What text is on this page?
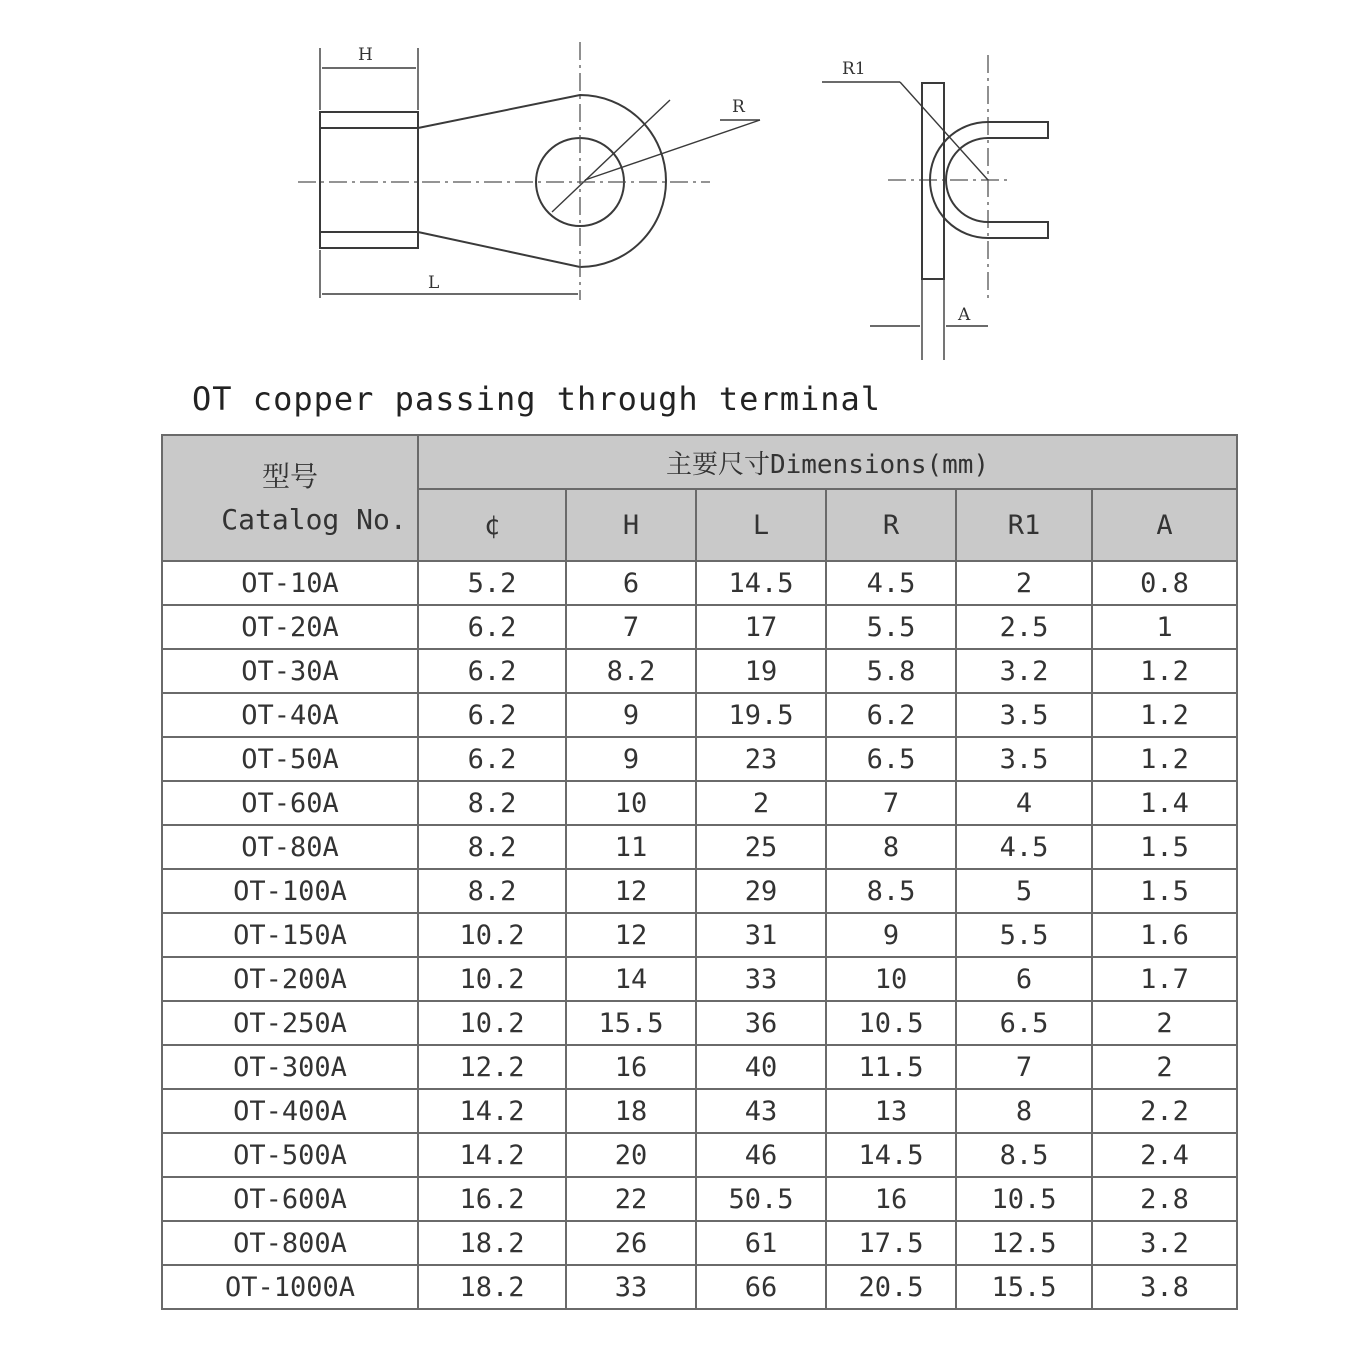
H
L
R
R1
A
OT copper passing through terminal
型号
Catalog No.	主要尺寸Dimensions(mm)					
	¢	H	L	R	R1	A
OT-10A	5.2	6	14.5	4.5	2	0.8
OT-20A	6.2	7	17	5.5	2.5	1
OT-30A	6.2	8.2	19	5.8	3.2	1.2
OT-40A	6.2	9	19.5	6.2	3.5	1.2
OT-50A	6.2	9	23	6.5	3.5	1.2
OT-60A	8.2	10	2	7	4	1.4
OT-80A	8.2	11	25	8	4.5	1.5
OT-100A	8.2	12	29	8.5	5	1.5
OT-150A	10.2	12	31	9	5.5	1.6
OT-200A	10.2	14	33	10	6	1.7
OT-250A	10.2	15.5	36	10.5	6.5	2
OT-300A	12.2	16	40	11.5	7	2
OT-400A	14.2	18	43	13	8	2.2
OT-500A	14.2	20	46	14.5	8.5	2.4
OT-600A	16.2	22	50.5	16	10.5	2.8
OT-800A	18.2	26	61	17.5	12.5	3.2
OT-1000A	18.2	33	66	20.5	15.5	3.8
